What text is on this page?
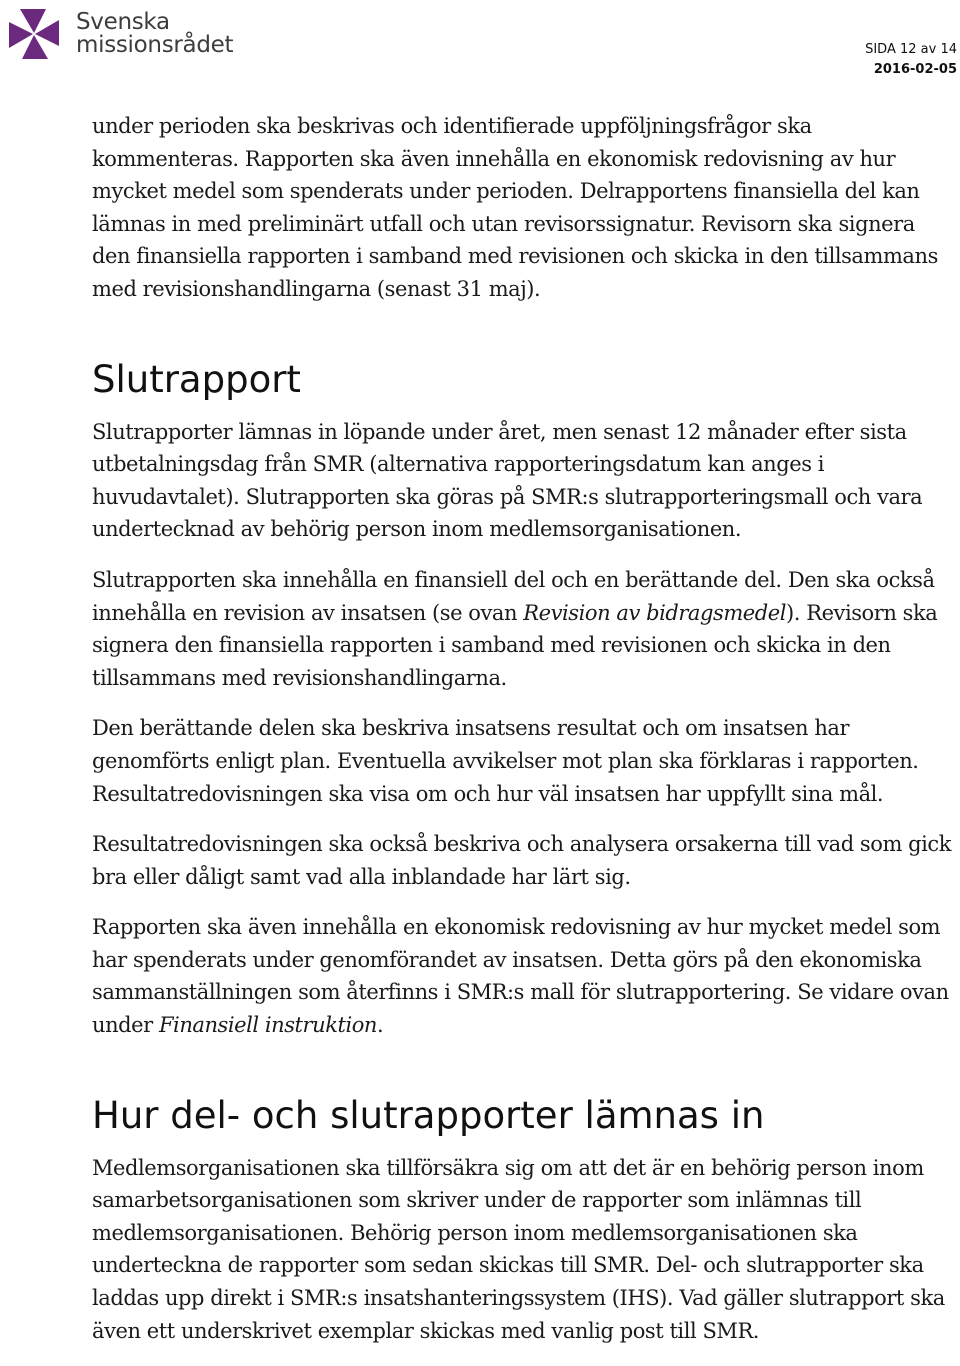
Svenska
missionsrådet	SIDA 12 av 14
2016-02-05

under perioden ska beskrivas och identifierade uppföljningsfrågor ska kommenteras. Rapporten ska även innehålla en ekonomisk redovisning av hur mycket medel som spenderats under perioden. Delrapportens finansiella del kan lämnas in med preliminärt utfall och utan revisorssignatur. Revisorn ska signera den finansiella rapporten i samband med revisionen och skicka in den tillsammans med revisionshandlingarna (senast 31 maj).

Slutrapport

Slutrapporter lämnas in löpande under året, men senast 12 månader efter sista utbetalningsdag från SMR (alternativa rapporteringsdatum kan anges i huvudavtalet). Slutrapporten ska göras på SMR:s slutrapporteringsmall och vara undertecknad av behörig person inom medlemsorganisationen.

Slutrapporten ska innehålla en finansiell del och en berättande del. Den ska också innehålla en revision av insatsen (se ovan Revision av bidragsmedel). Revisorn ska signera den finansiella rapporten i samband med revisionen och skicka in den tillsammans med revisionshandlingarna.

Den berättande delen ska beskriva insatsens resultat och om insatsen har genomförts enligt plan. Eventuella avvikelser mot plan ska förklaras i rapporten. Resultatredovisningen ska visa om och hur väl insatsen har uppfyllt sina mål.

Resultatredovisningen ska också beskriva och analysera orsakerna till vad som gick bra eller dåligt samt vad alla inblandade har lärt sig.

Rapporten ska även innehålla en ekonomisk redovisning av hur mycket medel som har spenderats under genomförandet av insatsen. Detta görs på den ekonomiska sammanställningen som återfinns i SMR:s mall för slutrapportering. Se vidare ovan under Finansiell instruktion.

Hur del- och slutrapporter lämnas in

Medlemsorganisationen ska tillförsäkra sig om att det är en behörig person inom samarbetsorganisationen som skriver under de rapporter som inlämnas till medlemsorganisationen. Behörig person inom medlemsorganisationen ska underteckna de rapporter som sedan skickas till SMR. Del- och slutrapporter ska laddas upp direkt i SMR:s insatshanteringssystem (IHS). Vad gäller slutrapport ska även ett underskrivet exemplar skickas med vanlig post till SMR.
